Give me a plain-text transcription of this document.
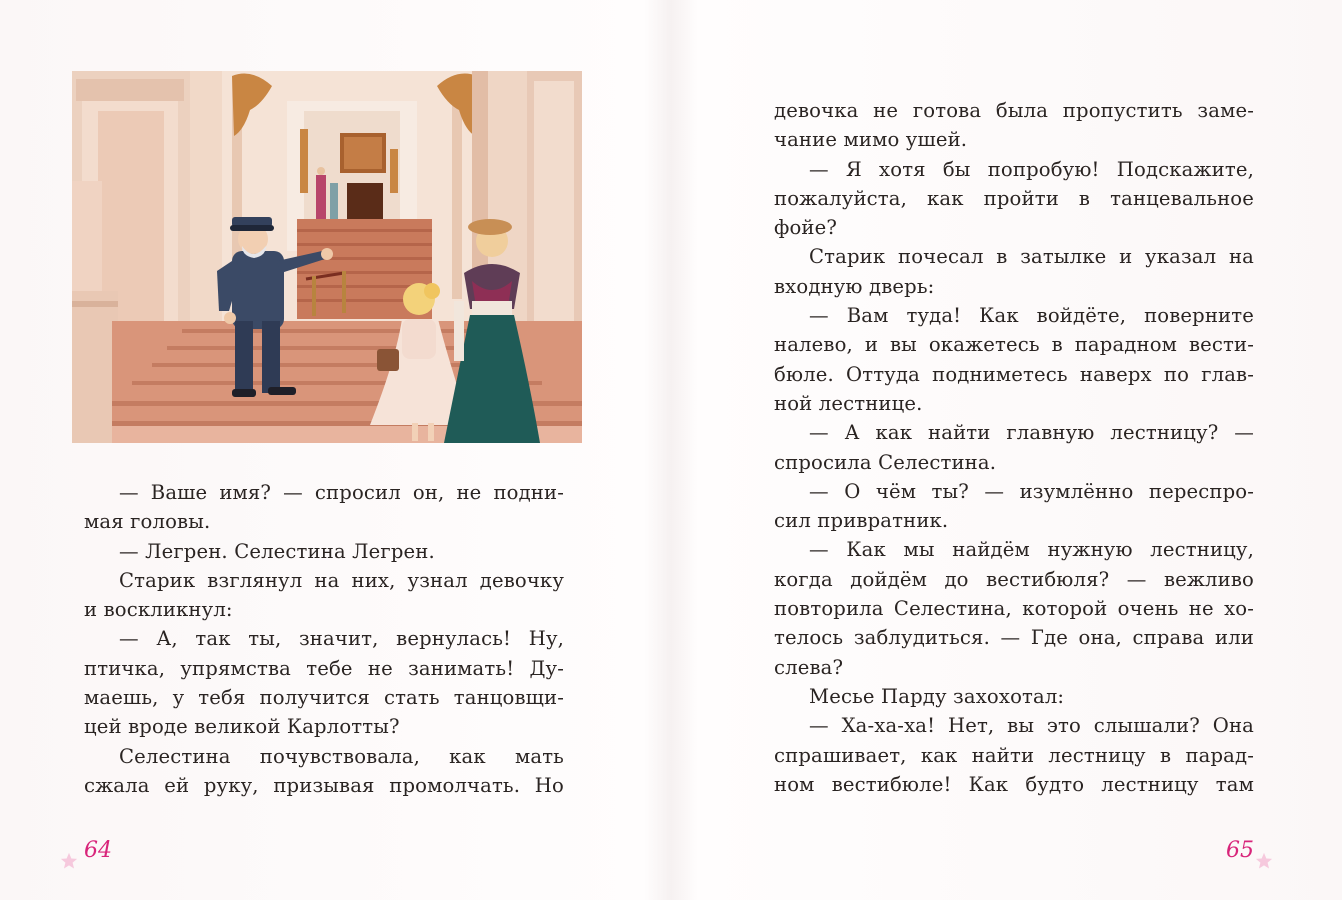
— Ваше имя? — спросил он, не подни-
мая головы.
— Легрен. Селестина Легрен.
Старик взглянул на них, узнал девочку
и воскликнул:
— А, так ты, значит, вернулась! Ну,
птичка, упрямства тебе не занимать! Ду-
маешь, у тебя получится стать танцовщи-
цей вроде великой Карлотты?
Селестина почувствовала, как мать
сжала ей руку, призывая промолчать. Но
девочка не готова была пропустить заме-
чание мимо ушей.
— Я хотя бы попробую! Подскажите,
пожалуйста, как пройти в танцевальное
фойе?
Старик почесал в затылке и указал на
входную дверь:
— Вам туда! Как войдёте, поверните
налево, и вы окажетесь в парадном вести-
бюле. Оттуда подниметесь наверх по глав-
ной лестнице.
— А как найти главную лестницу? —
спросила Селестина.
— О чём ты? — изумлённо переспро-
сил привратник.
— Как мы найдём нужную лестницу,
когда дойдём до вестибюля? — вежливо
повторила Селестина, которой очень не хо-
телось заблудиться. — Где она, справа или
слева?
Месье Парду захохотал:
— Ха-ха-ха! Нет, вы это слышали? Она
спрашивает, как найти лестницу в парад-
ном вестибюле! Как будто лестницу там
64	65
